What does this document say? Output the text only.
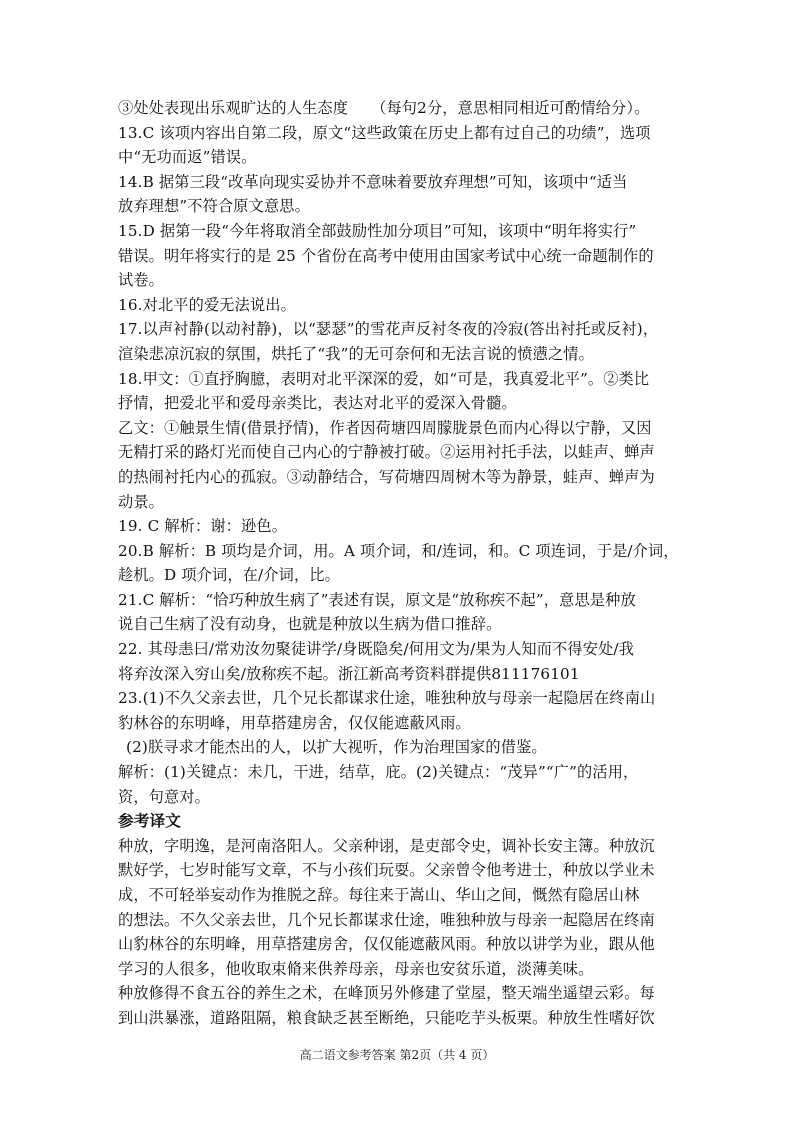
③处处表现出乐观旷达的人生态度　　（每句2分，意思相同相近可酌情给分）。
13.C 该项内容出自第二段，原文“这些政策在历史上都有过自己的功绩”，选项
中“无功而返”错误。
14.B 据第三段“改革向现实妥协并不意味着要放弃理想”可知，该项中“适当
放弃理想”不符合原文意思。
15.D 据第一段“今年将取消全部鼓励性加分项目”可知，该项中“明年将实行”
错误。明年将实行的是 25 个省份在高考中使用由国家考试中心统一命题制作的
试卷。
16.对北平的爱无法说出。
17.以声衬静(以动衬静)，以“瑟瑟”的雪花声反衬冬夜的冷寂(答出衬托或反衬)，
渲染悲凉沉寂的氛围，烘托了“我”的无可奈何和无法言说的愤懑之情。
18.甲文：①直抒胸臆，表明对北平深深的爱，如“可是，我真爱北平”。②类比
抒情，把爱北平和爱母亲类比，表达对北平的爱深入骨髓。
乙文：①触景生情(借景抒情)，作者因荷塘四周朦胧景色而内心得以宁静，又因
无精打采的路灯光而使自己内心的宁静被打破。②运用衬托手法，以蛙声、蝉声
的热闹衬托内心的孤寂。③动静结合，写荷塘四周树木等为静景，蛙声、蝉声为
动景。
19. C 解析：谢：逊色。
20.B 解析：B 项均是介词，用。A 项介词，和/连词，和。C 项连词，于是/介词，
趁机。D 项介词，在/介词，比。
21.C 解析：“恰巧种放生病了”表述有误，原文是“放称疾不起”，意思是种放
说自己生病了没有动身，也就是种放以生病为借口推辞。
22. 其母恚曰/常劝汝勿聚徒讲学/身既隐矣/何用文为/果为人知而不得安处/我
将弃汝深入穷山矣/放称疾不起。浙江新高考资料群提供811176101
23.(1)不久父亲去世，几个兄长都谋求仕途，唯独种放与母亲一起隐居在终南山
豹林谷的东明峰，用草搭建房舍，仅仅能遮蔽风雨。
(2)朕寻求才能杰出的人，以扩大视听，作为治理国家的借鉴。
解析：(1)关键点：未几，干进，结草，庇。(2)关键点：“茂异”“广”的活用，
资，句意对。
参考译文
种放，字明逸，是河南洛阳人。父亲种诩，是吏部令史，调补长安主簿。种放沉
默好学，七岁时能写文章，不与小孩们玩耍。父亲曾令他考进士，种放以学业未
成，不可轻举妄动作为推脱之辞。每往来于嵩山、华山之间，慨然有隐居山林
的想法。不久父亲去世，几个兄长都谋求仕途，唯独种放与母亲一起隐居在终南
山豹林谷的东明峰，用草搭建房舍，仅仅能遮蔽风雨。种放以讲学为业，跟从他
学习的人很多，他收取束脩来供养母亲，母亲也安贫乐道，淡薄美味。
种放修得不食五谷的养生之术，在峰顶另外修建了堂屋，整天端坐遥望云彩。每
到山洪暴涨，道路阻隔，粮食缺乏甚至断绝，只能吃芋头板栗。种放生性嗜好饮
高二语文参考答案 第2页（共 4 页）
